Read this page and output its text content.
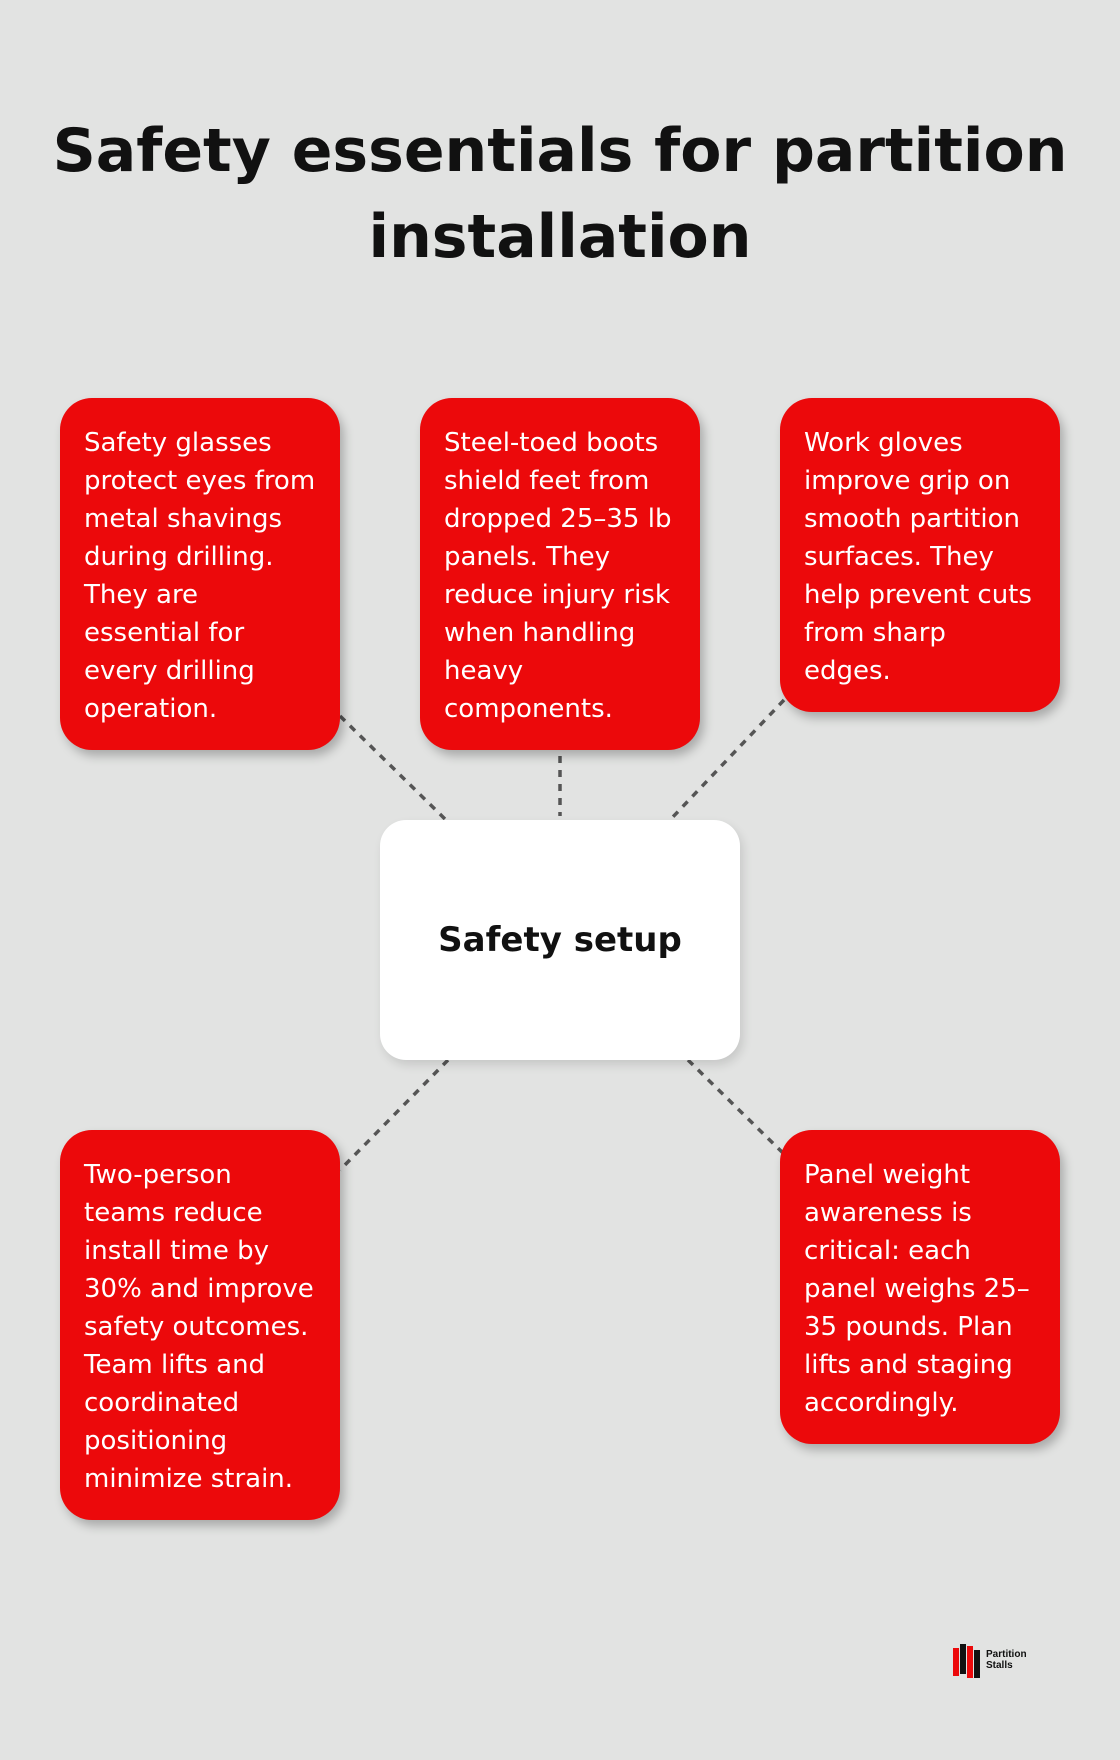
Safety essentials for partition installation
Safety glasses protect eyes from metal shavings during drilling. They are essential for every drilling operation.
Steel-toed boots shield feet from dropped 25–35 lb panels. They reduce injury risk when handling heavy components.
Work gloves improve grip on smooth partition surfaces. They help prevent cuts from sharp edges.
Two-person teams reduce install time by 30% and improve safety outcomes. Team lifts and coordinated positioning minimize strain.
Panel weight awareness is critical: each panel weighs 25–35 pounds. Plan lifts and staging accordingly.
Safety setup
Partition
Stalls
